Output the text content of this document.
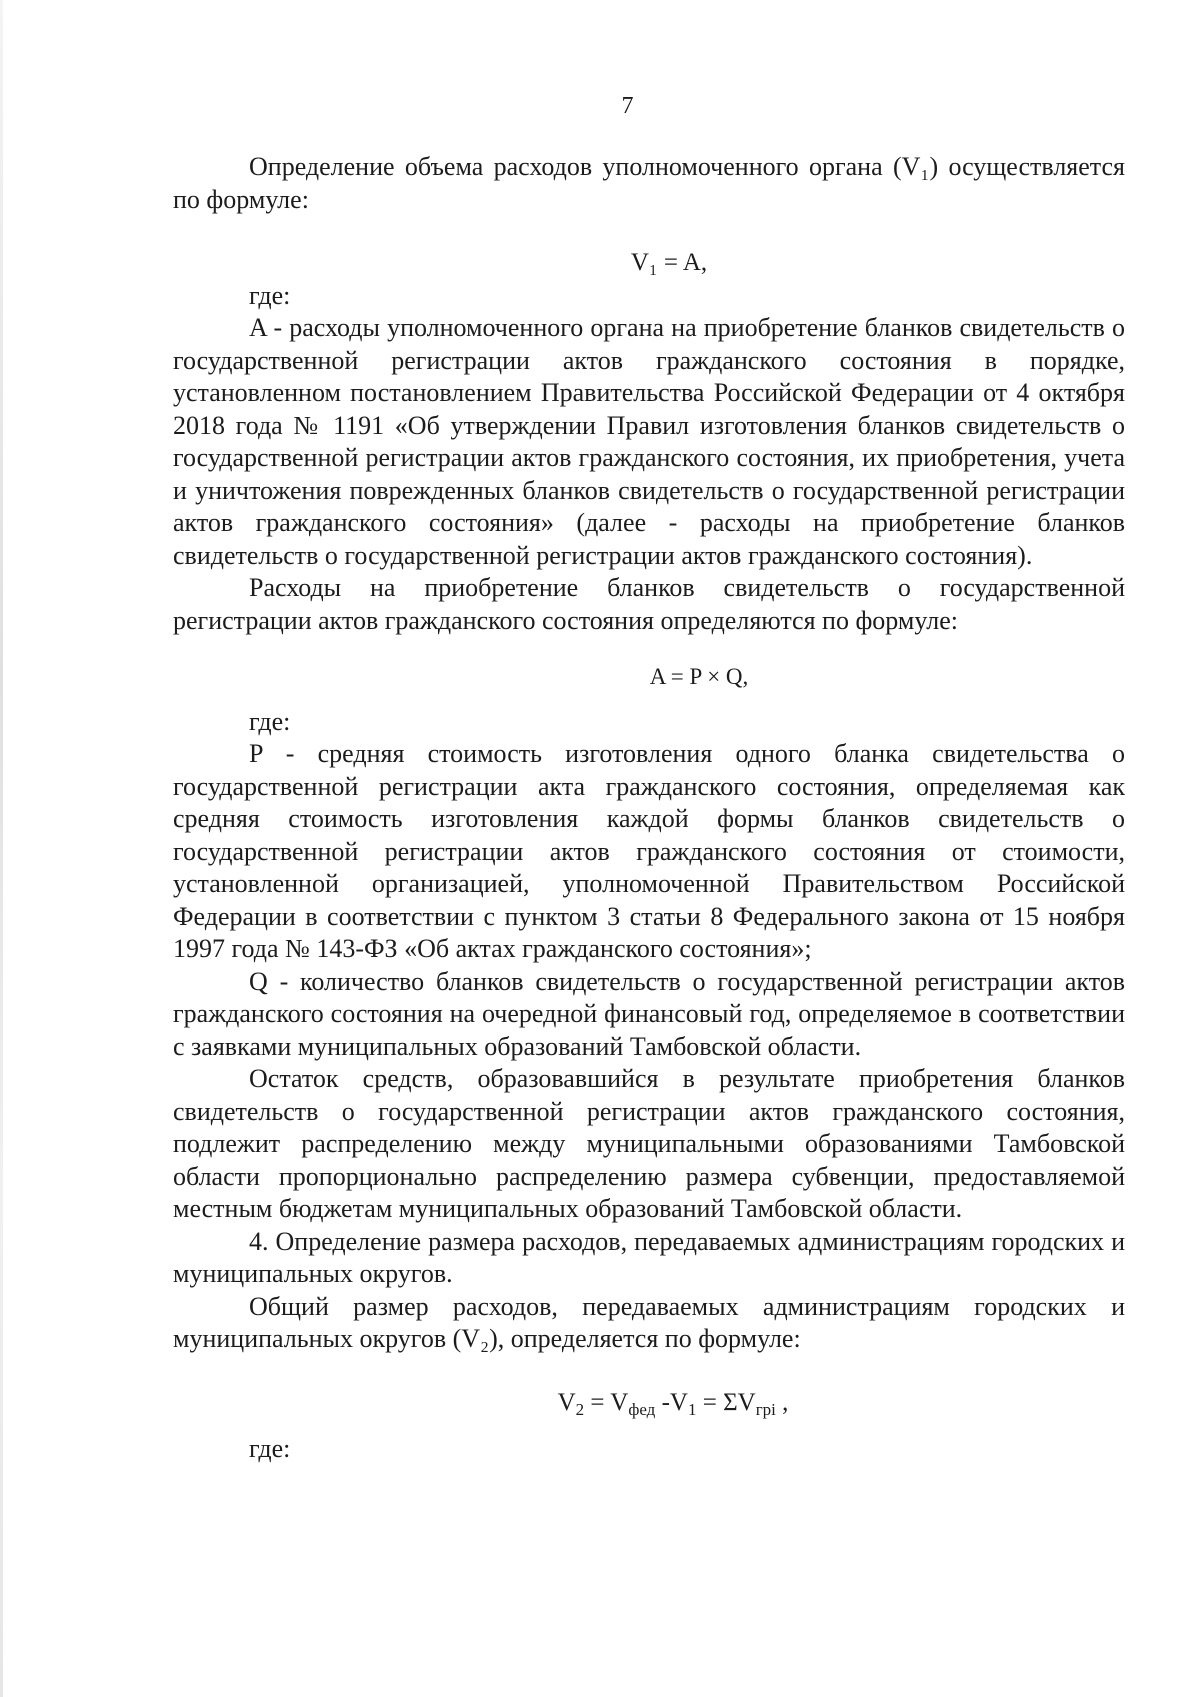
7

Определение объема расходов уполномоченного органа (V₁) осуществляется по формуле:

V₁ = A,

где:

A - расходы уполномоченного органа на приобретение бланков свидетельств о государственной регистрации актов гражданского состояния в порядке, установленном постановлением Правительства Российской Федерации от 4 октября 2018 года № 1191 «Об утверждении Правил изготовления бланков свидетельств о государственной регистрации актов гражданского состояния, их приобретения, учета и уничтожения поврежденных бланков свидетельств о государственной регистрации актов гражданского состояния» (далее - расходы на приобретение бланков свидетельств о государственной регистрации актов гражданского состояния).

Расходы на приобретение бланков свидетельств о государственной регистрации актов гражданского состояния определяются по формуле:

A = P × Q,

где:

P - средняя стоимость изготовления одного бланка свидетельства о государственной регистрации акта гражданского состояния, определяемая как средняя стоимость изготовления каждой формы бланков свидетельств о государственной регистрации актов гражданского состояния от стоимости, установленной организацией, уполномоченной Правительством Российской Федерации в соответствии с пунктом 3 статьи 8 Федерального закона от 15 ноября 1997 года № 143-ФЗ «Об актах гражданского состояния»;

Q - количество бланков свидетельств о государственной регистрации актов гражданского состояния на очередной финансовый год, определяемое в соответствии с заявками муниципальных образований Тамбовской области.

Остаток средств, образовавшийся в результате приобретения бланков свидетельств о государственной регистрации актов гражданского состояния, подлежит распределению между муниципальными образованиями Тамбовской области пропорционально распределению размера субвенции, предоставляемой местным бюджетам муниципальных образований Тамбовской области.

4. Определение размера расходов, передаваемых администрациям городских и муниципальных округов.

Общий размер расходов, передаваемых администрациям городских и муниципальных округов (V₂), определяется по формуле:

$V_2 = V_{фед}$ $-V_1 = \Sigma V_{грi}$ ,

где:
